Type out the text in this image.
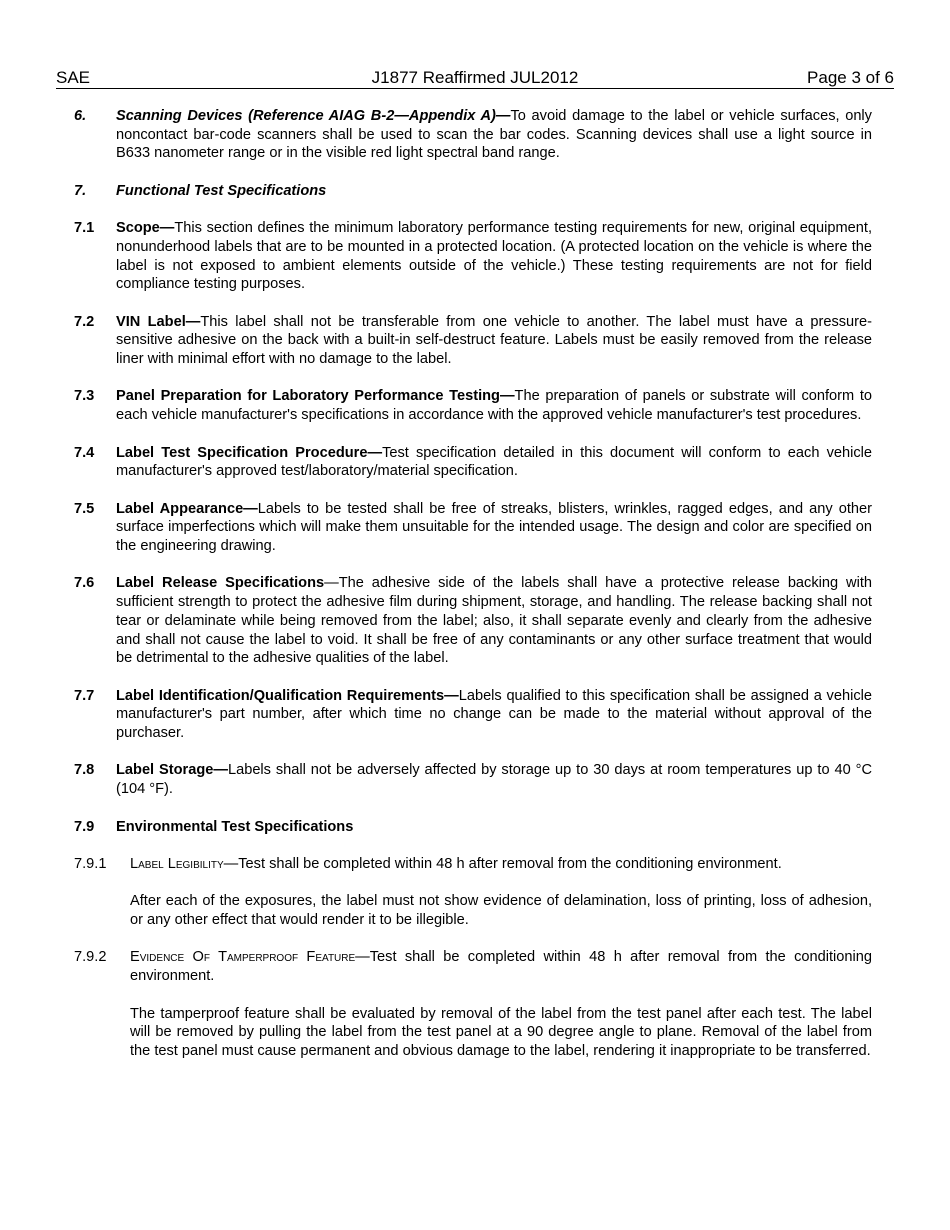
SAE	J1877 Reaffirmed JUL2012	Page 3 of 6
6.	Scanning Devices (Reference AIAG B-2—Appendix A)—To avoid damage to the label or vehicle surfaces, only noncontact bar-code scanners shall be used to scan the bar codes. Scanning devices shall use a light source in B633 nanometer range or in the visible red light spectral band range.
7.	Functional Test Specifications
7.1	Scope—This section defines the minimum laboratory performance testing requirements for new, original equipment, nonunderhood labels that are to be mounted in a protected location. (A protected location on the vehicle is where the label is not exposed to ambient elements outside of the vehicle.) These testing requirements are not for field compliance testing purposes.
7.2	VIN Label—This label shall not be transferable from one vehicle to another. The label must have a pressure-sensitive adhesive on the back with a built-in self-destruct feature. Labels must be easily removed from the release liner with minimal effort with no damage to the label.
7.3	Panel Preparation for Laboratory Performance Testing—The preparation of panels or substrate will conform to each vehicle manufacturer's specifications in accordance with the approved vehicle manufacturer's test procedures.
7.4	Label Test Specification Procedure—Test specification detailed in this document will conform to each vehicle manufacturer's approved test/laboratory/material specification.
7.5	Label Appearance—Labels to be tested shall be free of streaks, blisters, wrinkles, ragged edges, and any other surface imperfections which will make them unsuitable for the intended usage. The design and color are specified on the engineering drawing.
7.6	Label Release Specifications—The adhesive side of the labels shall have a protective release backing with sufficient strength to protect the adhesive film during shipment, storage, and handling. The release backing shall not tear or delaminate while being removed from the label; also, it shall separate evenly and clearly from the adhesive and shall not cause the label to void. It shall be free of any contaminants or any other surface treatment that would be detrimental to the adhesive qualities of the label.
7.7	Label Identification/Qualification Requirements—Labels qualified to this specification shall be assigned a vehicle manufacturer's part number, after which time no change can be made to the material without approval of the purchaser.
7.8	Label Storage—Labels shall not be adversely affected by storage up to 30 days at room temperatures up to 40 °C (104 °F).
7.9	Environmental Test Specifications
7.9.1	Label Legibility—Test shall be completed within 48 h after removal from the conditioning environment.
After each of the exposures, the label must not show evidence of delamination, loss of printing, loss of adhesion, or any other effect that would render it to be illegible.
7.9.2	Evidence Of Tamperproof Feature—Test shall be completed within 48 h after removal from the conditioning environment.
The tamperproof feature shall be evaluated by removal of the label from the test panel after each test. The label will be removed by pulling the label from the test panel at a 90 degree angle to plane. Removal of the label from the test panel must cause permanent and obvious damage to the label, rendering it inappropriate to be transferred.
